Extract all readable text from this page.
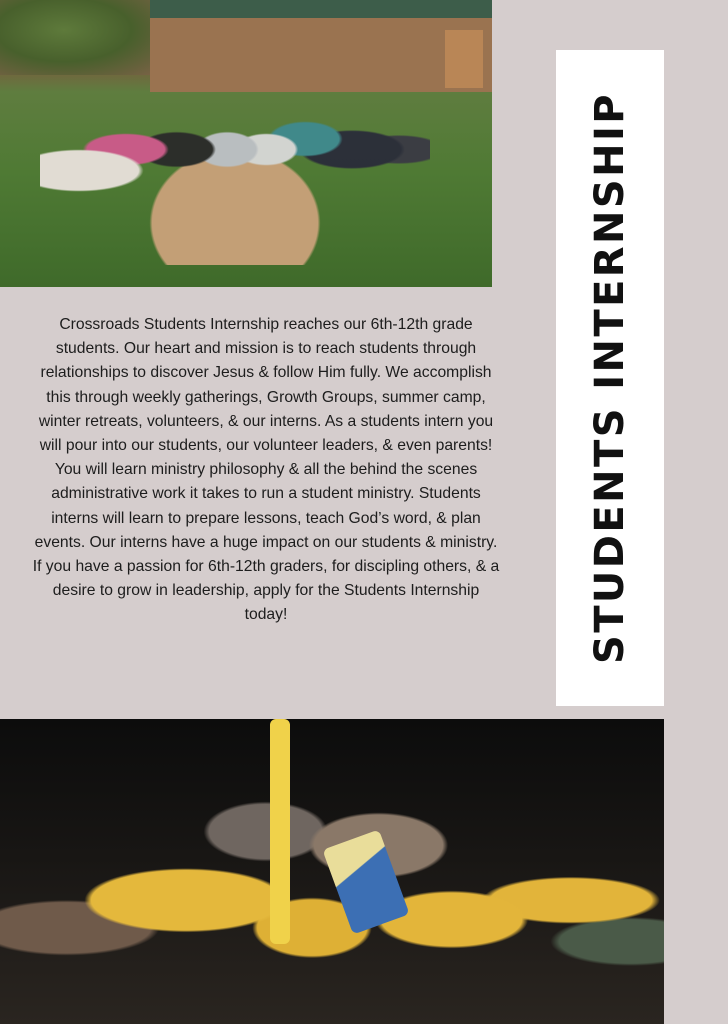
Crossroads Students Internship reaches our 6th-12th grade students. Our heart and mission is to reach students through relationships to discover Jesus & follow Him fully. We accomplish this through weekly gatherings, Growth Groups, summer camp, winter retreats, volunteers, & our interns. As a students intern you will pour into our students, our volunteer leaders, & even parents! You will learn ministry philosophy & all the behind the scenes administrative work it takes to run a student ministry. Students interns will learn to prepare lessons, teach God’s word, & plan events. Our interns have a huge impact on our students & ministry. If you have a passion for 6th-12th graders, for discipling others, & a desire to grow in leadership, apply for the Students Internship today!	STUDENTS INTERNSHIP
